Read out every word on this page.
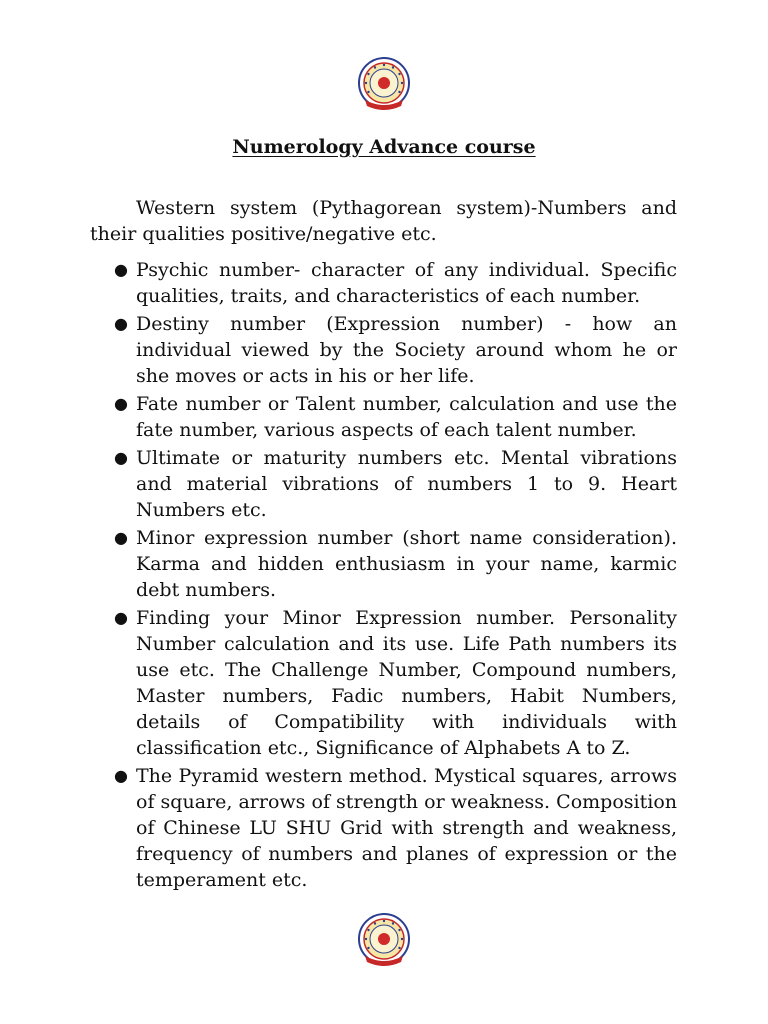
Numerology Advance course

Western system (Pythagorean system)-Numbers and their qualities positive/negative etc.

● Psychic number- character of any individual. Specific qualities, traits, and characteristics of each number.
● Destiny number (Expression number) - how an individual viewed by the Society around whom he or she moves or acts in his or her life.
● Fate number or Talent number, calculation and use the fate number, various aspects of each talent number.
● Ultimate or maturity numbers etc. Mental vibrations and material vibrations of numbers 1 to 9. Heart Numbers etc.
● Minor expression number (short name consideration). Karma and hidden enthusiasm in your name, karmic debt numbers.
● Finding your Minor Expression number. Personality Number calculation and its use. Life Path numbers its use etc. The Challenge Number, Compound numbers, Master numbers, Fadic numbers, Habit Numbers, details of Compatibility with individuals with classification etc., Significance of Alphabets A to Z.
● The Pyramid western method. Mystical squares, arrows of square, arrows of strength or weakness. Composition of Chinese LU SHU Grid with strength and weakness, frequency of numbers and planes of expression or the temperament etc.
